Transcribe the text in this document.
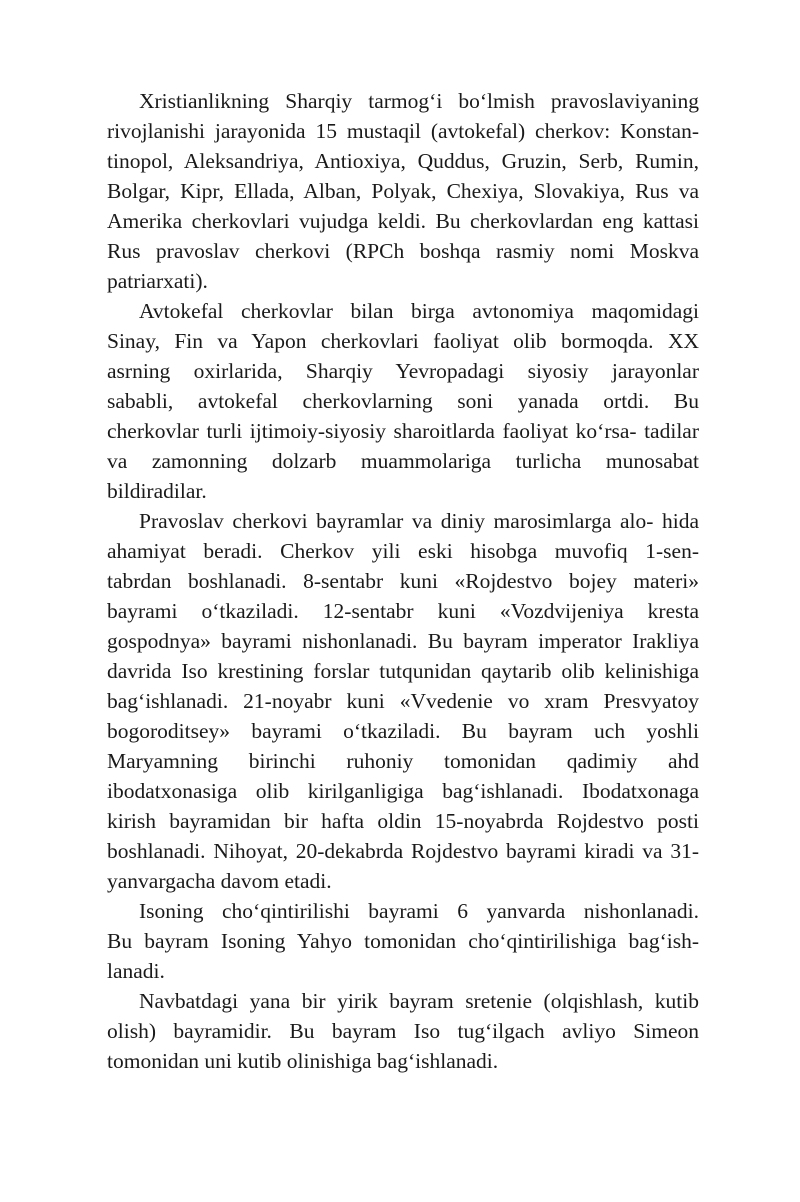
Xristianlikning Sharqiy tarmog‘i bo‘lmish pravoslaviyaning
rivojlanishi jarayonida 15 mustaqil (avtokefal) cherkov: Konstan-
tinopol, Aleksandriya, Antioxiya, Quddus, Gruzin, Serb, Rumin,
Bolgar, Kipr, Ellada, Alban, Polyak, Chexiya, Slovakiya, Rus va
Amerika cherkovlari vujudga keldi. Bu cherkovlardan eng kattasi
Rus pravoslav cherkovi (RPCh boshqa rasmiy nomi Moskva
patriarxati).
Avtokefal cherkovlar bilan birga avtonomiya maqomidagi
Sinay, Fin va Yapon cherkovlari faoliyat olib bormoqda. XX
asrning oxirlarida, Sharqiy Yevropadagi siyosiy jarayonlar
sababli, avtokefal cherkovlarning soni yanada ortdi. Bu
cherkovlar turli ijtimoiy-siyosiy sharoitlarda faoliyat ko‘rsa- tadilar
va zamonning dolzarb muammolariga turlicha munosabat
bildiradilar.
Pravoslav cherkovi bayramlar va diniy marosimlarga alo- hida
ahamiyat beradi. Cherkov yili eski hisobga muvofiq 1-sen-
tabrdan boshlanadi. 8-sentabr kuni «Rojdestvo bojey materi»
bayrami o‘tkaziladi. 12-sentabr kuni «Vozdvijeniya kresta
gospodnya» bayrami nishonlanadi. Bu bayram imperator Irakliya
davrida Iso krestining forslar tutqunidan qaytarib olib kelinishiga
bag‘ishlanadi. 21-noyabr kuni «Vvedenie vo xram Presvyatoy
bogoroditsey» bayrami o‘tkaziladi. Bu bayram uch yoshli
Maryamning birinchi ruhoniy tomonidan qadimiy ahd
ibodatxonasiga olib kirilganligiga bag‘ishlanadi. Ibodatxonaga
kirish bayramidan bir hafta oldin 15-noyabrda Rojdestvo posti
boshlanadi. Nihoyat, 20-dekabrda Rojdestvo bayrami kiradi va 31-
yanvargacha davom etadi.
Isoning cho‘qintirilishi bayrami 6 yanvarda nishonlanadi.
Bu bayram Isoning Yahyo tomonidan cho‘qintirilishiga bag‘ish-
lanadi.
Navbatdagi yana bir yirik bayram sretenie (olqishlash, kutib
olish) bayramidir. Bu bayram Iso tug‘ilgach avliyo Simeon
tomonidan uni kutib olinishiga bag‘ishlanadi.
